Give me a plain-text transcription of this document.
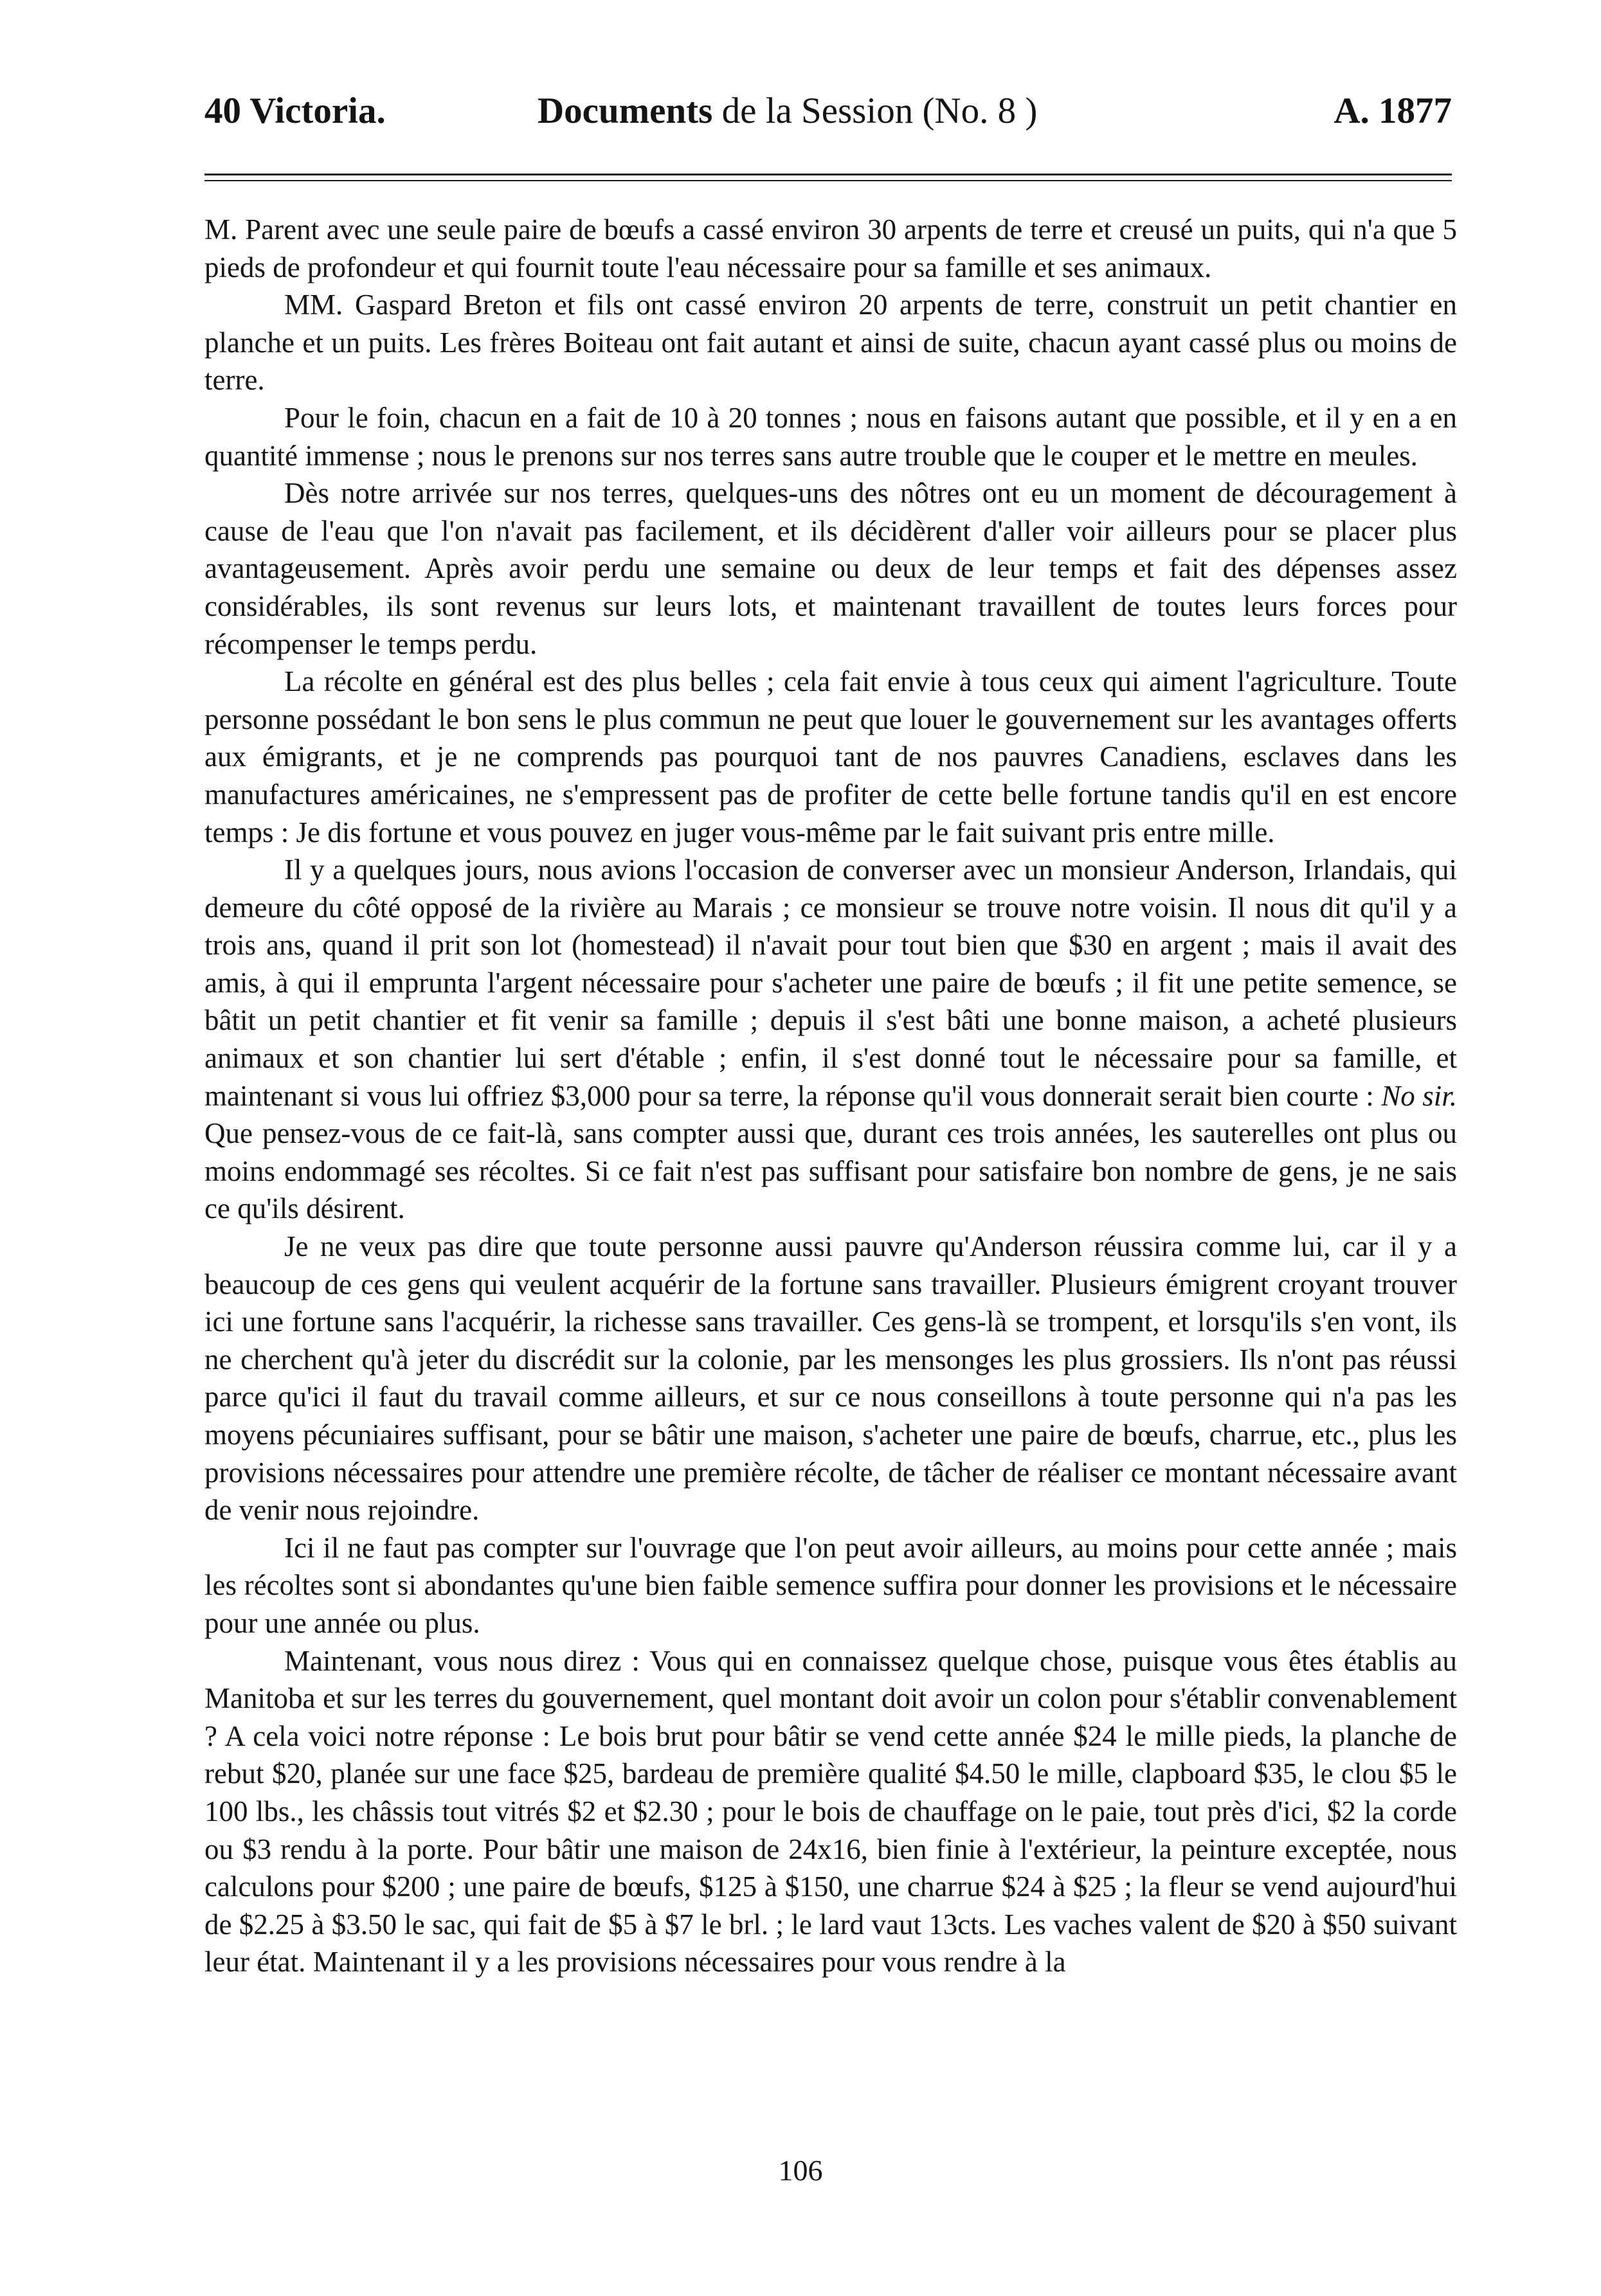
40 Victoria.	Documents de la Session (No. 8 )	A. 1877

M. Parent avec une seule paire de bœufs a cassé environ 30 arpents de terre et creusé un puits, qui n'a que 5 pieds de profondeur et qui fournit toute l'eau nécessaire pour sa famille et ses animaux.

MM. Gaspard Breton et fils ont cassé environ 20 arpents de terre, construit un petit chantier en planche et un puits. Les frères Boiteau ont fait autant et ainsi de suite, chacun ayant cassé plus ou moins de terre.

Pour le foin, chacun en a fait de 10 à 20 tonnes ; nous en faisons autant que possible, et il y en a en quantité immense ; nous le prenons sur nos terres sans autre trouble que le couper et le mettre en meules.

Dès notre arrivée sur nos terres, quelques-uns des nôtres ont eu un moment de découragement à cause de l'eau que l'on n'avait pas facilement, et ils décidèrent d'aller voir ailleurs pour se placer plus avantageusement. Après avoir perdu une semaine ou deux de leur temps et fait des dépenses assez considérables, ils sont revenus sur leurs lots, et maintenant travaillent de toutes leurs forces pour récompenser le temps perdu.

La récolte en général est des plus belles ; cela fait envie à tous ceux qui aiment l'agriculture. Toute personne possédant le bon sens le plus commun ne peut que louer le gouvernement sur les avantages offerts aux émigrants, et je ne comprends pas pourquoi tant de nos pauvres Canadiens, esclaves dans les manufactures américaines, ne s'empressent pas de profiter de cette belle fortune tandis qu'il en est encore temps : Je dis fortune et vous pouvez en juger vous-même par le fait suivant pris entre mille.

Il y a quelques jours, nous avions l'occasion de converser avec un monsieur Anderson, Irlandais, qui demeure du côté opposé de la rivière au Marais ; ce monsieur se trouve notre voisin. Il nous dit qu'il y a trois ans, quand il prit son lot (homestead) il n'avait pour tout bien que $30 en argent ; mais il avait des amis, à qui il emprunta l'argent nécessaire pour s'acheter une paire de bœufs ; il fit une petite semence, se bâtit un petit chantier et fit venir sa famille ; depuis il s'est bâti une bonne maison, a acheté plusieurs animaux et son chantier lui sert d'étable ; enfin, il s'est donné tout le nécessaire pour sa famille, et maintenant si vous lui offriez $3,000 pour sa terre, la réponse qu'il vous donnerait serait bien courte : No sir. Que pensez-vous de ce fait-là, sans compter aussi que, durant ces trois années, les sauterelles ont plus ou moins endommagé ses récoltes. Si ce fait n'est pas suffisant pour satisfaire bon nombre de gens, je ne sais ce qu'ils désirent.

Je ne veux pas dire que toute personne aussi pauvre qu'Anderson réussira comme lui, car il y a beaucoup de ces gens qui veulent acquérir de la fortune sans travailler. Plusieurs émigrent croyant trouver ici une fortune sans l'acquérir, la richesse sans travailler. Ces gens-là se trompent, et lorsqu'ils s'en vont, ils ne cherchent qu'à jeter du discrédit sur la colonie, par les mensonges les plus grossiers. Ils n'ont pas réussi parce qu'ici il faut du travail comme ailleurs, et sur ce nous conseillons à toute personne qui n'a pas les moyens pécuniaires suffisant, pour se bâtir une maison, s'acheter une paire de bœufs, charrue, etc., plus les provisions nécessaires pour attendre une première récolte, de tâcher de réaliser ce montant nécessaire avant de venir nous rejoindre.

Ici il ne faut pas compter sur l'ouvrage que l'on peut avoir ailleurs, au moins pour cette année ; mais les récoltes sont si abondantes qu'une bien faible semence suffira pour donner les provisions et le nécessaire pour une année ou plus.

Maintenant, vous nous direz : Vous qui en connaissez quelque chose, puisque vous êtes établis au Manitoba et sur les terres du gouvernement, quel montant doit avoir un colon pour s'établir convenablement ? A cela voici notre réponse : Le bois brut pour bâtir se vend cette année $24 le mille pieds, la planche de rebut $20, planée sur une face $25, bardeau de première qualité $4.50 le mille, clapboard $35, le clou $5 le 100 lbs., les châssis tout vitrés $2 et $2.30 ; pour le bois de chauffage on le paie, tout près d'ici, $2 la corde ou $3 rendu à la porte. Pour bâtir une maison de 24x16, bien finie à l'extérieur, la peinture exceptée, nous calculons pour $200 ; une paire de bœufs, $125 à $150, une charrue $24 à $25 ; la fleur se vend aujourd'hui de $2.25 à $3.50 le sac, qui fait de $5 à $7 le brl. ; le lard vaut 13cts. Les vaches valent de $20 à $50 suivant leur état. Maintenant il y a les provisions nécessaires pour vous rendre à la

106
